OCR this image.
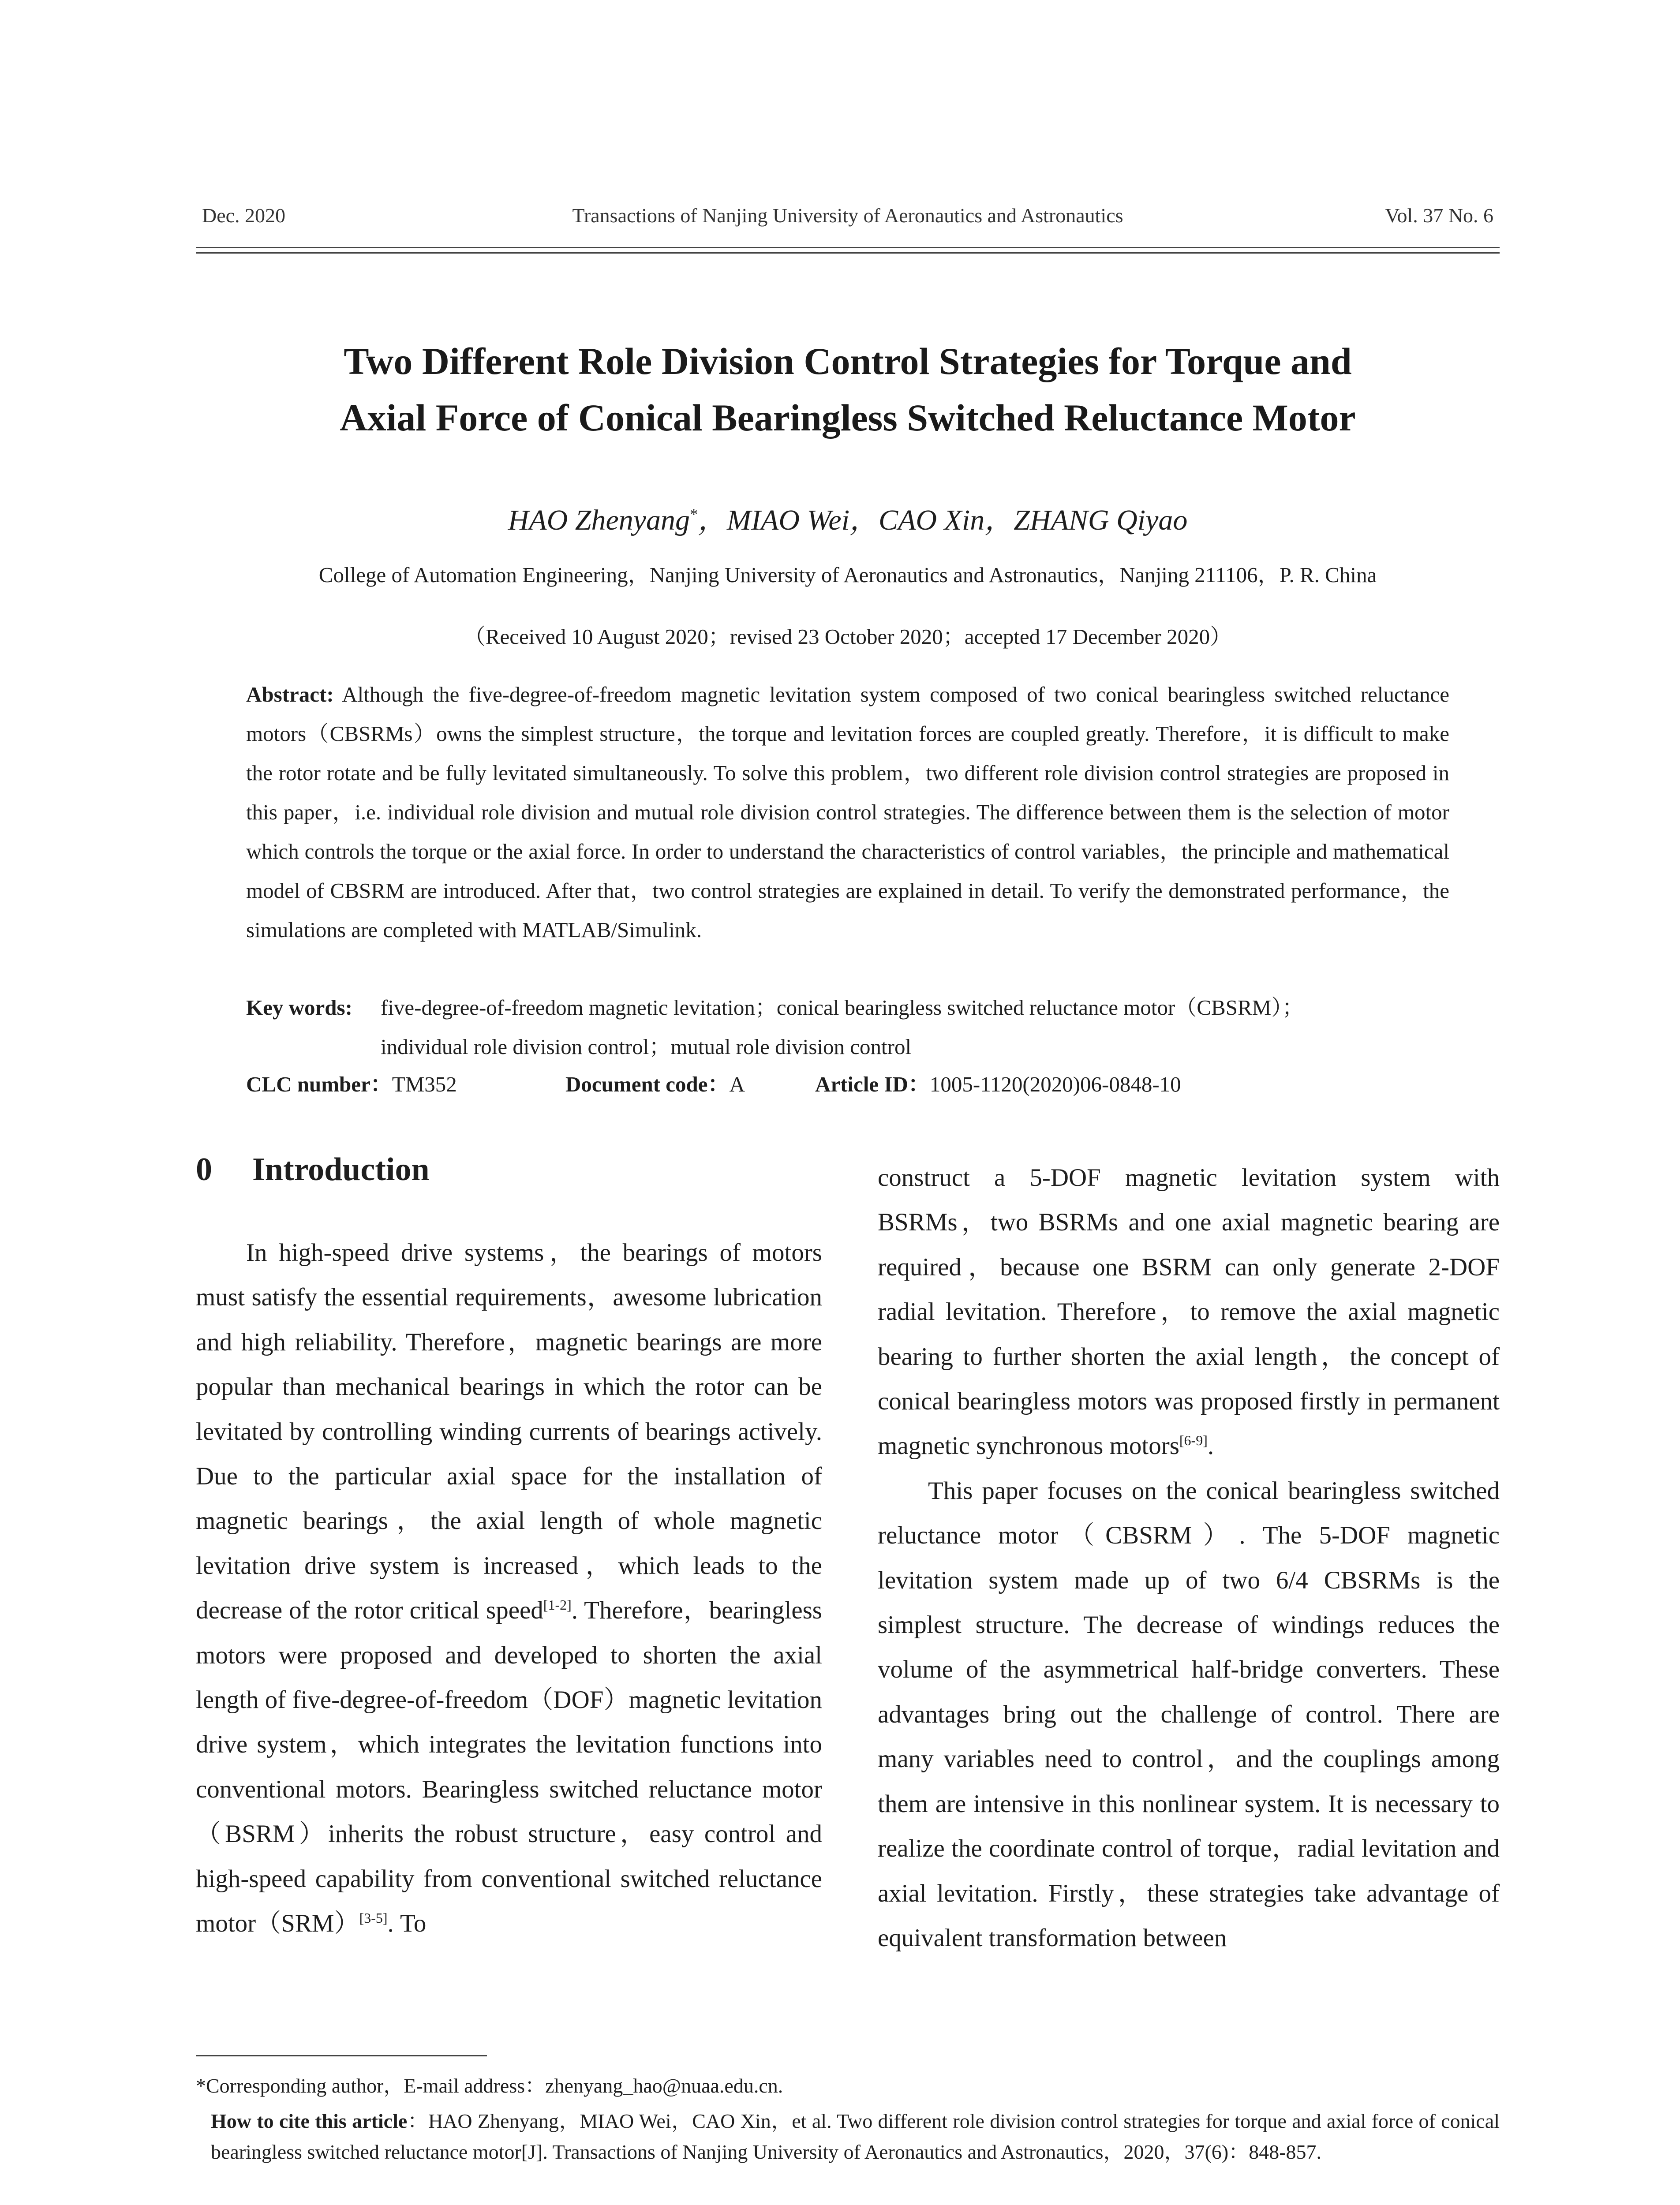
Dec. 2020	Transactions of Nanjing University of Aeronautics and Astronautics	Vol. 37 No. 6
Two Different Role Division Control Strategies for Torque and
Axial Force of Conical Bearingless Switched Reluctance Motor
HAO Zhenyang*，MIAO Wei，CAO Xin，ZHANG Qiyao
College of Automation Engineering，Nanjing University of Aeronautics and Astronautics，Nanjing 211106，P. R. China
（Received 10 August 2020；revised 23 October 2020；accepted 17 December 2020）
Abstract: Although the five-degree-of-freedom magnetic levitation system composed of two conical bearingless switched reluctance motors（CBSRMs）owns the simplest structure，the torque and levitation forces are coupled greatly. Therefore，it is difficult to make the rotor rotate and be fully levitated simultaneously. To solve this problem，two different role division control strategies are proposed in this paper，i.e. individual role division and mutual role division control strategies. The difference between them is the selection of motor which controls the torque or the axial force. In order to understand the characteristics of control variables，the principle and mathematical model of CBSRM are introduced. After that，two control strategies are explained in detail. To verify the demonstrated performance，the simulations are completed with MATLAB/Simulink.
Key words: five-degree-of-freedom magnetic levitation；conical bearingless switched reluctance motor（CBSRM）；
individual role division control；mutual role division control
CLC number：TM352	Document code：A	Article ID：1005-1120(2020)06-0848-10
0 Introduction

In high-speed drive systems，the bearings of motors must satisfy the essential requirements，awesome lubrication and high reliability. Therefore，magnetic bearings are more popular than mechanical bearings in which the rotor can be levitated by controlling winding currents of bearings actively. Due to the particular axial space for the installation of magnetic bearings，the axial length of whole magnetic levitation drive system is increased，which leads to the decrease of the rotor critical speed[1-2]. Therefore，bearingless motors were proposed and developed to shorten the axial length of five-degree-of-freedom（DOF）magnetic levitation drive system，which integrates the levitation functions into conventional motors. Bearingless switched reluctance motor（BSRM）inherits the robust structure，easy control and high-speed capability from conventional switched reluctance motor（SRM）[3-5]. To

construct a 5-DOF magnetic levitation system with BSRMs，two BSRMs and one axial magnetic bearing are required，because one BSRM can only generate 2-DOF radial levitation. Therefore，to remove the axial magnetic bearing to further shorten the axial length，the concept of conical bearingless motors was proposed firstly in permanent magnetic synchronous motors[6-9].

This paper focuses on the conical bearingless switched reluctance motor（CBSRM）. The 5-DOF magnetic levitation system made up of two 6/4 CBSRMs is the simplest structure. The decrease of windings reduces the volume of the asymmetrical half-bridge converters. These advantages bring out the challenge of control. There are many variables need to control，and the couplings among them are intensive in this nonlinear system. It is necessary to realize the coordinate control of torque，radial levitation and axial levitation. Firstly，these strategies take advantage of equivalent transformation between

*Corresponding author，E-mail address：zhenyang_hao@nuaa.edu.cn.
How to cite this article：HAO Zhenyang，MIAO Wei，CAO Xin，et al. Two different role division control strategies for torque and axial force of conical bearingless switched reluctance motor[J]. Transactions of Nanjing University of Aeronautics and Astronautics，2020，37(6)：848-857.
